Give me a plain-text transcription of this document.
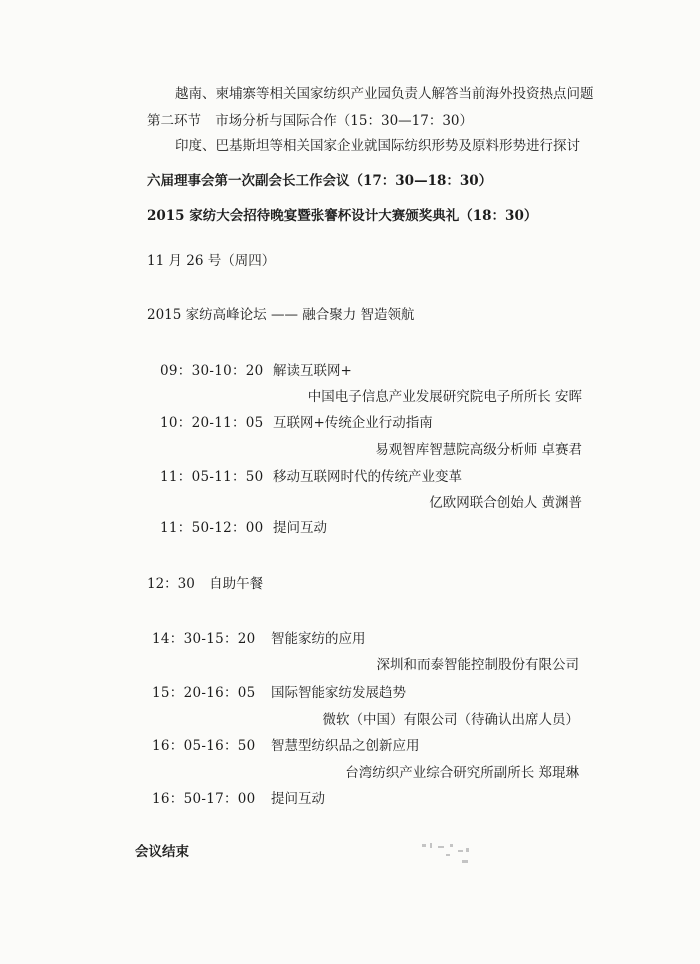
越南、柬埔寨等相关国家纺织产业园负责人解答当前海外投资热点问题
第二环节 市场分析与国际合作（15：30—17：30）
印度、巴基斯坦等相关国家企业就国际纺织形势及原料形势进行探讨
六届理事会第一次副会长工作会议（17：30—18：30）
2015 家纺大会招待晚宴暨张謇杯设计大赛颁奖典礼（18：30）
11 月 26 号（周四）
2015 家纺高峰论坛 —— 融合聚力 智造领航
09：30-10：20 解读互联网+
中国电子信息产业发展研究院电子所所长 安晖
10：20-11：05 互联网+传统企业行动指南
易观智库智慧院高级分析师 卓赛君
11：05-11：50 移动互联网时代的传统产业变革
亿欧网联合创始人 黄渊普
11：50-12：00 提问互动
12：30 自助午餐
14：30-15：20 智能家纺的应用
深圳和而泰智能控制股份有限公司
15：20-16：05 国际智能家纺发展趋势
微软（中国）有限公司（待确认出席人员）
16：05-16：50 智慧型纺织品之创新应用
台湾纺织产业综合研究所副所长 郑琨琳
16：50-17：00 提问互动
会议结束
